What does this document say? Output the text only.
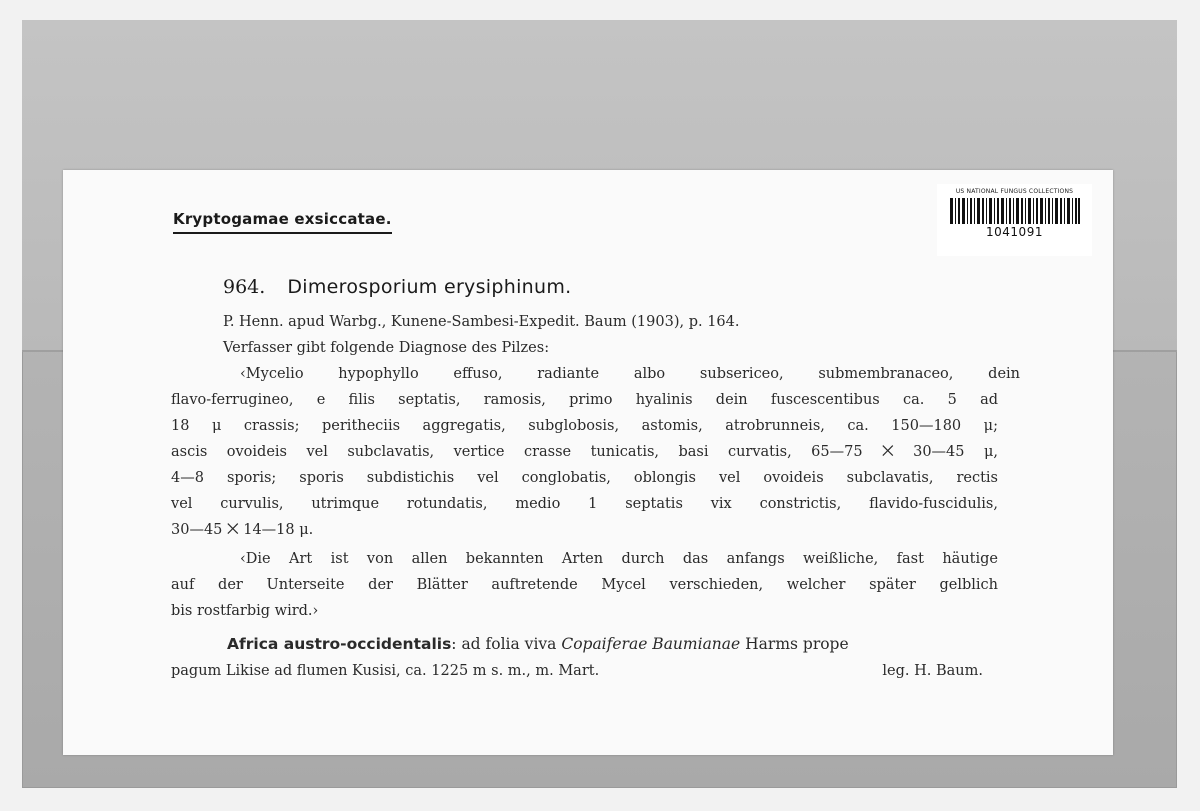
Kryptogamae exsiccatae.
US NATIONAL FUNGUS COLLECTIONS
1041091
964. Dimerosporium erysiphinum.
P. Henn. apud Warbg., Kunene-Sambesi-Expedit. Baum (1903), p. 164.
Verfasser gibt folgende Diagnose des Pilzes:
‹Mycelio hypophyllo effuso, radiante albo subsericeo, submembranaceo, dein
flavo-ferrugineo, e filis septatis, ramosis, primo hyalinis dein fuscescentibus ca. 5 ad
18 μ crassis; peritheciis aggregatis, subglobosis, astomis, atrobrunneis, ca. 150—180 μ;
ascis ovoideis vel subclavatis, vertice crasse tunicatis, basi curvatis, 65—75 ⨉ 30—45 μ,
4—8 sporis; sporis subdistichis vel conglobatis, oblongis vel ovoideis subclavatis, rectis
vel curvulis, utrimque rotundatis, medio 1 septatis vix constrictis, flavido-fuscidulis,
30—45 ⨉ 14—18 μ.
‹Die Art ist von allen bekannten Arten durch das anfangs weißliche, fast häutige
auf der Unterseite der Blätter auftretende Mycel verschieden, welcher später gelblich
bis rostfarbig wird.›
Africa austro-occidentalis: ad folia viva Copaiferae Baumianae Harms prope
pagum Likise ad flumen Kusisi, ca. 1225 m s. m., m. Mart.	leg. H. Baum.
